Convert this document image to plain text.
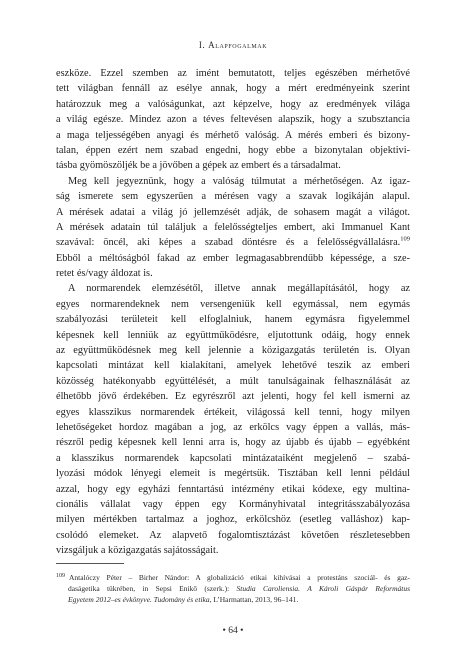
I. Alapfogalmak
eszköze. Ezzel szemben az imént bemutatott, teljes egészében mérhetővé
tett világban fennáll az esélye annak, hogy a mért eredményeink szerint
határozzuk meg a valóságunkat, azt képzelve, hogy az eredmények világa
a világ egésze. Mindez azon a téves feltevésen alapszik, hogy a szubsztancia
a maga teljességében anyagi és mérhető valóság. A mérés emberi és bizony-
talan, éppen ezért nem szabad engedni, hogy ebbe a bizonytalan objektivi-
tásba gyömöszöljék be a jövőben a gépek az embert és a társadalmat.
Meg kell jegyeznünk, hogy a valóság túlmutat a mérhetőségen. Az igaz-
ság ismerete sem egyszerűen a mérésen vagy a szavak logikáján alapul.
A mérések adatai a világ jó jellemzését adják, de sohasem magát a világot.
A mérések adatain túl találjuk a felelősségteljes embert, aki Immanuel Kant
szavával: öncél, aki képes a szabad döntésre és a felelősségvállalásra.$^{109}$
Ebből a méltóságból fakad az ember legmagasabbrendűbb képessége, a sze-
retet és/vagy áldozat is.
A normarendek elemzésétől, illetve annak megállapításától, hogy az
egyes normarendeknek nem versengeniük kell egymással, nem egymás
szabályozási területeit kell elfoglalniuk, hanem egymásra figyelemmel
képesnek kell lenniük az együttműködésre, eljutottunk odáig, hogy ennek
az együttműködésnek meg kell jelennie a közigazgatás területén is. Olyan
kapcsolati mintázat kell kialakítani, amelyek lehetővé teszik az emberi
közösség hatékonyabb együttélését, a múlt tanulságainak felhasználását az
élhetőbb jövő érdekében. Ez egyrészről azt jelenti, hogy fel kell ismerni az
egyes klasszikus normarendek értékeit, világossá kell tenni, hogy milyen
lehetőségeket hordoz magában a jog, az erkölcs vagy éppen a vallás, más-
részről pedig képesnek kell lenni arra is, hogy az újabb és újabb – egyébként
a klasszikus normarendek kapcsolati mintázataiként megjelenő – szabá-
lyozási módok lényegi elemeit is megértsük. Tisztában kell lenni például
azzal, hogy egy egyházi fenntartású intézmény etikai kódexe, egy multina-
cionális vállalat vagy éppen egy Kormányhivatal integritásszabályozása
milyen mértékben tartalmaz a joghoz, erkölcshöz (esetleg valláshoz) kap-
csolódó elemeket. Az alapvető fogalomtisztázást követően részletesebben
vizsgáljuk a közigazgatás sajátosságait.
$^{109}$ Antalóczy Péter – Birher Nándor: A globalizáció etikai kihívásai a protestáns szociál- és gaz-
daságetika tükrében, in Sepsi Enikő (szerk.): Studia Caroliensia. A Károli Gáspár Református
Egyetem 2012–es évkönyve. Tudomány és etika, L’Harmattan, 2013, 96–141.
• 64 •
